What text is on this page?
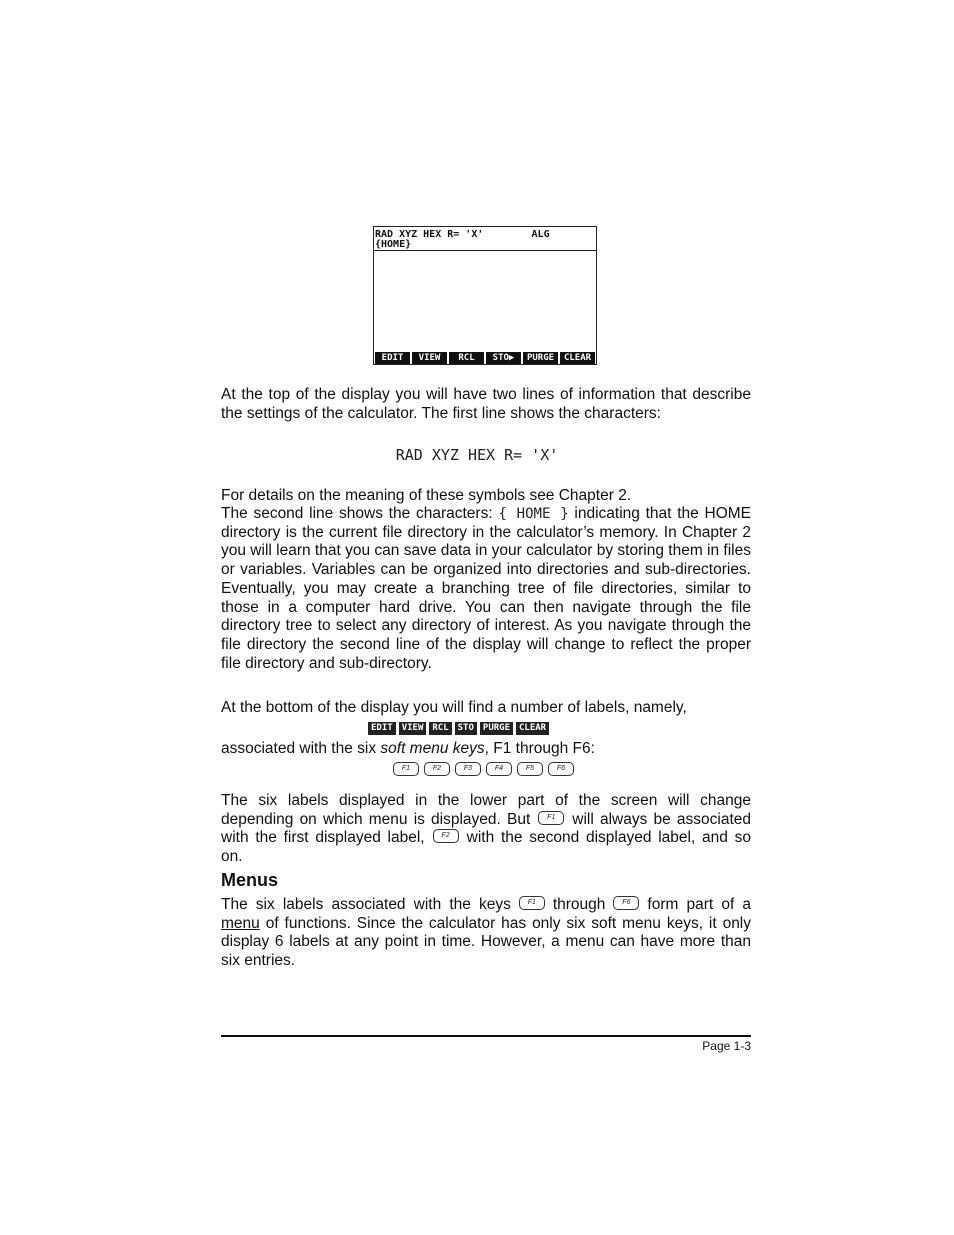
RAD XYZ HEX R= 'X'        ALG
{HOME}
EDIT	VIEW	RCL	STO▶	PURGE	CLEAR

At the top of the display you will have two lines of information that describe the settings of the calculator. The first line shows the characters:

RAD XYZ HEX R= 'X'

For details on the meaning of these symbols see Chapter 2.

The second line shows the characters: { HOME } indicating that the HOME directory is the current file directory in the calculator’s memory. In Chapter 2 you will learn that you can save data in your calculator by storing them in files or variables. Variables can be organized into directories and sub-directories. Eventually, you may create a branching tree of file directories, similar to those in a computer hard drive. You can then navigate through the file directory tree to select any directory of interest. As you navigate through the file directory the second line of the display will change to reflect the proper file directory and sub-directory.

At the bottom of the display you will find a number of labels, namely,

EDIT	VIEW	RCL	STO	PURGE	CLEAR

associated with the six soft menu keys, F1 through F6:

F1	F2	F3	F4	F5	F6

The six labels displayed in the lower part of the screen will change depending on which menu is displayed. But F1 will always be associated with the first displayed label, F2 with the second displayed label, and so on.

Menus

The six labels associated with the keys F1 through F6 form part of a menu of functions. Since the calculator has only six soft menu keys, it only display 6 labels at any point in time. However, a menu can have more than six entries.

Page 1-3
